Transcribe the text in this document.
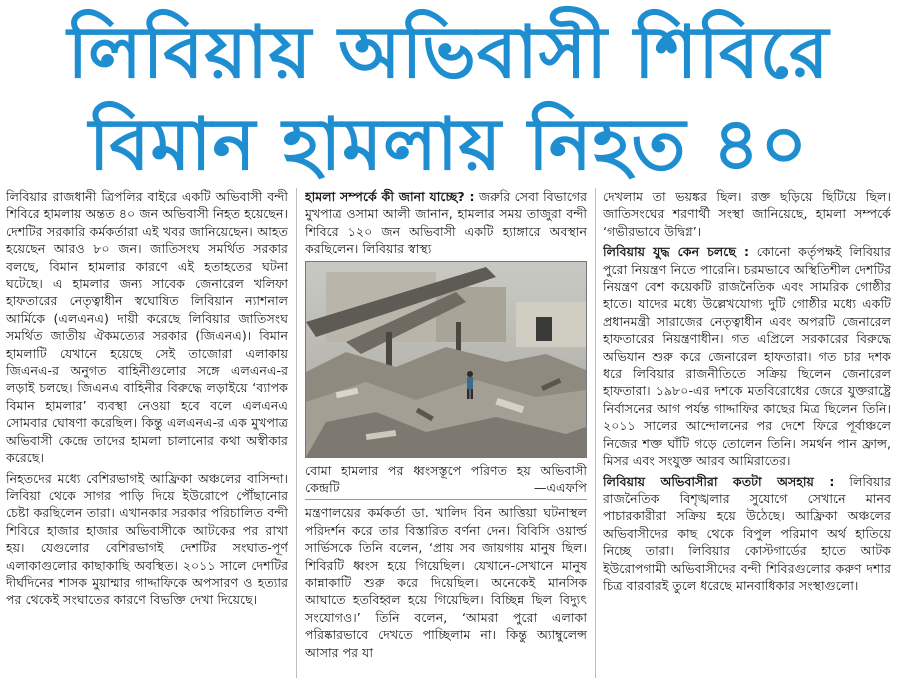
লিবিয়ায় অভিবাসী শিবিরে
বিমান হামলায় নিহত ৪০

লিবিয়ার রাজধানী ত্রিপলির বাইরে একটি অভিবাসী বন্দী শিবিরে হামলায় অন্তত ৪০ জন অভিবাসী নিহত হয়েছেন। দেশটির সরকারি কর্মকর্তারা এই খবর জানিয়েছেন। আহত হয়েছেন আরও ৮০ জন। জাতিসংঘ সমর্থিত সরকার বলছে, বিমান হামলার কারণে এই হতাহতের ঘটনা ঘটেছে। এ হামলার জন্য সাবেক জেনারেল খলিফা হাফতারের নেতৃত্বাধীন স্বঘোষিত লিবিয়ান ন্যাশনাল আর্মিকে (এলএনএ) দায়ী করেছে লিবিয়ার জাতিসংঘ সমর্থিত জাতীয় ঐকমত্যের সরকার (জিএনএ)। বিমান হামলাটি যেখানে হয়েছে সেই তাজোরা এলাকায় জিএনএ-র অনুগত বাহিনীগুলোর সঙ্গে এলএনএ-র লড়াই চলছে। জিএনএ বাহিনীর বিরুদ্ধে লড়াইয়ে ‘ব্যাপক বিমান হামলার’ ব্যবস্থা নেওয়া হবে বলে এলএনএ সোমবার ঘোষণা করেছিল। কিন্তু এলএনএ-র এক মুখপাত্র অভিবাসী কেন্দ্রে তাদের হামলা চালানোর কথা অস্বীকার করেছে।

নিহতদের মধ্যে বেশিরভাগই আফ্রিকা অঞ্চলের বাসিন্দা। লিবিয়া থেকে সাগর পাড়ি দিয়ে ইউরোপে পৌঁছানোর চেষ্টা করছিলেন তারা। এখানকার সরকার পরিচালিত বন্দী শিবিরে হাজার হাজার অভিবাসীকে আটকের পর রাখা হয়। যেগুলোর বেশিরভাগই দেশটির সংঘাত-পূর্ণ এলাকাগুলোর কাছাকাছি অবস্থিত। ২০১১ সালে দেশটির দীর্ঘদিনের শাসক মুয়াম্মার গাদ্দাফিকে অপসারণ ও হত্যার পর থেকেই সংঘাতের কারণে বিভক্তি দেখা দিয়েছে।

হামলা সম্পর্কে কী জানা যাচ্ছে? : জরুরি সেবা বিভাগের মুখপাত্র ওসামা আলী জানান, হামলার সময় তাজুরা বন্দী শিবিরে ১২০ জন অভিবাসী একটি হ্যাঙ্গারে অবস্থান করছিলেন। লিবিয়ার স্বাস্থ্য

বোমা হামলার পর ধ্বংসস্তূপে পরিণত হয় অভিবাসী কেন্দ্রটি	—এএফপি

মন্ত্রণালয়ের কর্মকর্তা ডা. খালিদ বিন আত্তিয়া ঘটনাস্থল পরিদর্শন করে তার বিস্তারিত বর্ণনা দেন। বিবিসি ওয়ার্ল্ড সার্ভিসকে তিনি বলেন, ‘প্রায় সব জায়গায় মানুষ ছিল। শিবিরটি ধ্বংস হয়ে গিয়েছিল। যেখানে-সেখানে মানুষ কান্নাকাটি শুরু করে দিয়েছিল। অনেকেই মানসিক আঘাতে হতবিহ্বল হয়ে গিয়েছিল। বিচ্ছিন্ন ছিল বিদ্যুৎ সংযোগও।’ তিনি বলেন, ‘আমরা পুরো এলাকা পরিষ্কারভাবে দেখতে পাচ্ছিলাম না। কিন্তু অ্যাম্বুলেন্স আসার পর যা

দেখলাম তা ভয়ঙ্কর ছিল। রক্ত ছড়িয়ে ছিটিয়ে ছিল। জাতিসংঘের শরণার্থী সংস্থা জানিয়েছে, হামলা সম্পর্কে ‘গভীরভাবে উদ্বিগ্ন’।

লিবিয়ায় যুদ্ধ কেন চলছে : কোনো কর্তৃপক্ষই লিবিয়ার পুরো নিয়ন্ত্রণ নিতে পারেনি। চরমভাবে অস্থিতিশীল দেশটির নিয়ন্ত্রণ বেশ কয়েকটি রাজনৈতিক এবং সামরিক গোষ্ঠীর হাতে। যাদের মধ্যে উল্লেখযোগ্য দুটি গোষ্ঠীর মধ্যে একটি প্রধানমন্ত্রী সারাজের নেতৃত্বাধীন এবং অপরটি জেনারেল হাফতারের নিয়ন্ত্রণাধীন। গত এপ্রিলে সরকারের বিরুদ্ধে অভিযান শুরু করে জেনারেল হাফতারা। গত চার দশক ধরে লিবিয়ার রাজনীতিতে সক্রিয় ছিলেন জেনারেল হাফতারা। ১৯৮০-এর দশকে মতবিরোধের জেরে যুক্তরাষ্ট্রে নির্বাসনের আগ পর্যন্ত গাদ্দাফির কাছের মিত্র ছিলেন তিনি। ২০১১ সালের আন্দোলনের পর দেশে ফিরে পূর্বাঞ্চলে নিজের শক্ত ঘাঁটি গড়ে তোলেন তিনি। সমর্থন পান ফ্রান্স, মিসর এবং সংযুক্ত আরব আমিরাতের।

লিবিয়ায় অভিবাসীরা কতটা অসহায় : লিবিয়ার রাজনৈতিক বিশৃঙ্খলার সুযোগে সেখানে মানব পাচারকারীরা সক্রিয় হয়ে উঠেছে। আফ্রিকা অঞ্চলের অভিবাসীদের কাছ থেকে বিপুল পরিমাণ অর্থ হাতিয়ে নিচ্ছে তারা। লিবিয়ার কোস্টগার্ডের হাতে আটক ইউরোপগামী অভিবাসীদের বন্দী শিবিরগুলোর করুণ দশার চিত্র বারবারই তুলে ধরেছে মানবাধিকার সংস্থাগুলো।
